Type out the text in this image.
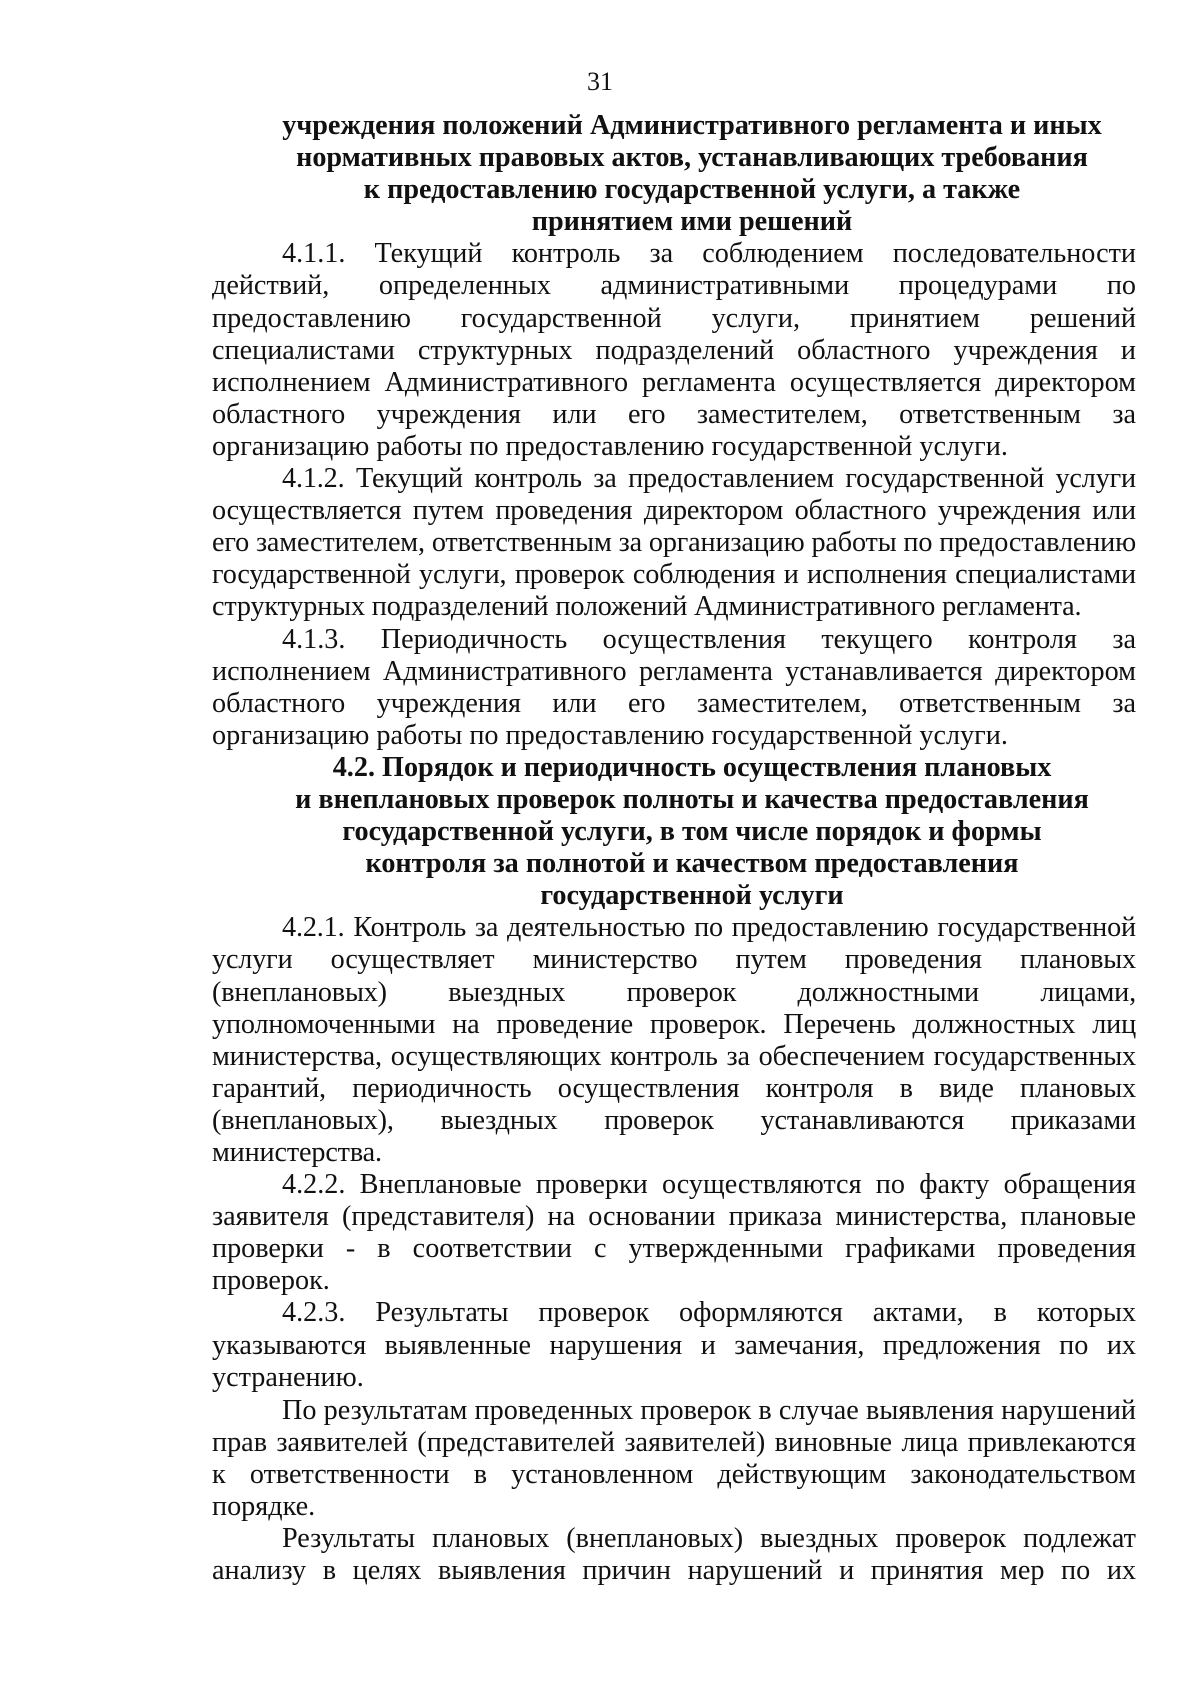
31
учреждения положений Административного регламента и иных
нормативных правовых актов, устанавливающих требования
к предоставлению государственной услуги, а также
принятием ими решений

4.1.1. Текущий контроль за соблюдением последовательности действий, определенных административными процедурами по предоставлению государственной услуги, принятием решений специалистами структурных подразделений областного учреждения и исполнением Административного регламента осуществляется директором областного учреждения или его заместителем, ответственным за организацию работы по предоставлению государственной услуги.

4.1.2. Текущий контроль за предоставлением государственной услуги осуществляется путем проведения директором областного учреждения или его заместителем, ответственным за организацию работы по предоставлению государственной услуги, проверок соблюдения и исполнения специалистами структурных подразделений положений Административного регламента.

4.1.3. Периодичность осуществления текущего контроля за исполнением Административного регламента устанавливается директором областного учреждения или его заместителем, ответственным за организацию работы по предоставлению государственной услуги.

4.2. Порядок и периодичность осуществления плановых
и внеплановых проверок полноты и качества предоставления
государственной услуги, в том числе порядок и формы
контроля за полнотой и качеством предоставления
государственной услуги

4.2.1. Контроль за деятельностью по предоставлению государственной услуги осуществляет министерство путем проведения плановых (внеплановых) выездных проверок должностными лицами, уполномоченными на проведение проверок. Перечень должностных лиц министерства, осуществляющих контроль за обеспечением государственных гарантий, периодичность осуществления контроля в виде плановых (внеплановых), выездных проверок устанавливаются приказами министерства.

4.2.2. Внеплановые проверки осуществляются по факту обращения заявителя (представителя) на основании приказа министерства, плановые проверки - в соответствии с утвержденными графиками проведения проверок.

4.2.3. Результаты проверок оформляются актами, в которых указываются выявленные нарушения и замечания, предложения по их устранению.

По результатам проведенных проверок в случае выявления нарушений прав заявителей (представителей заявителей) виновные лица привлекаются к ответственности в установленном действующим законодательством порядке.

Результаты плановых (внеплановых) выездных проверок подлежат анализу в целях выявления причин нарушений и принятия мер по их
